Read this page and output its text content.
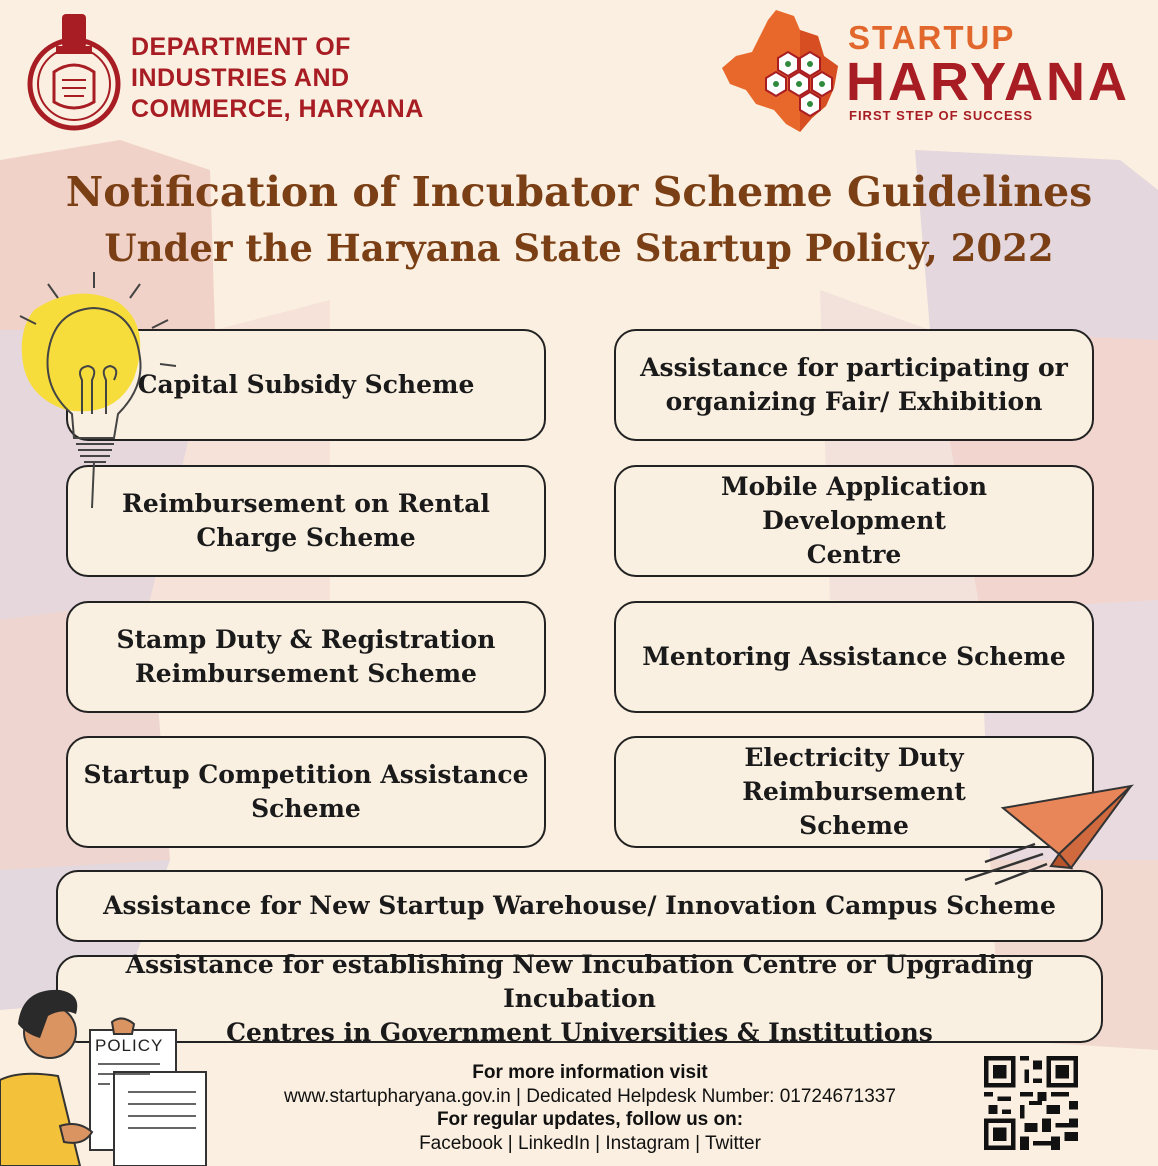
DEPARTMENT OF
INDUSTRIES AND
COMMERCE, HARYANA
STARTUP
HARYANA
FIRST STEP OF SUCCESS
Notification of Incubator Scheme Guidelines
Under the Haryana State Startup Policy, 2022
Capital Subsidy Scheme
Reimbursement on Rental
Charge Scheme
Stamp Duty & Registration
Reimbursement Scheme
Startup Competition Assistance
Scheme
Assistance for participating or
organizing Fair/ Exhibition
Mobile Application Development
Centre
Mentoring Assistance Scheme
Electricity Duty Reimbursement
Scheme
Assistance for New Startup Warehouse/ Innovation Campus Scheme
Assistance for establishing New Incubation Centre or Upgrading Incubation
Centres in Government Universities & Institutions
POLICY
For more information visit
www.startupharyana.gov.in | Dedicated Helpdesk Number: 01724671337
For regular updates, follow us on:
Facebook | LinkedIn | Instagram | Twitter
